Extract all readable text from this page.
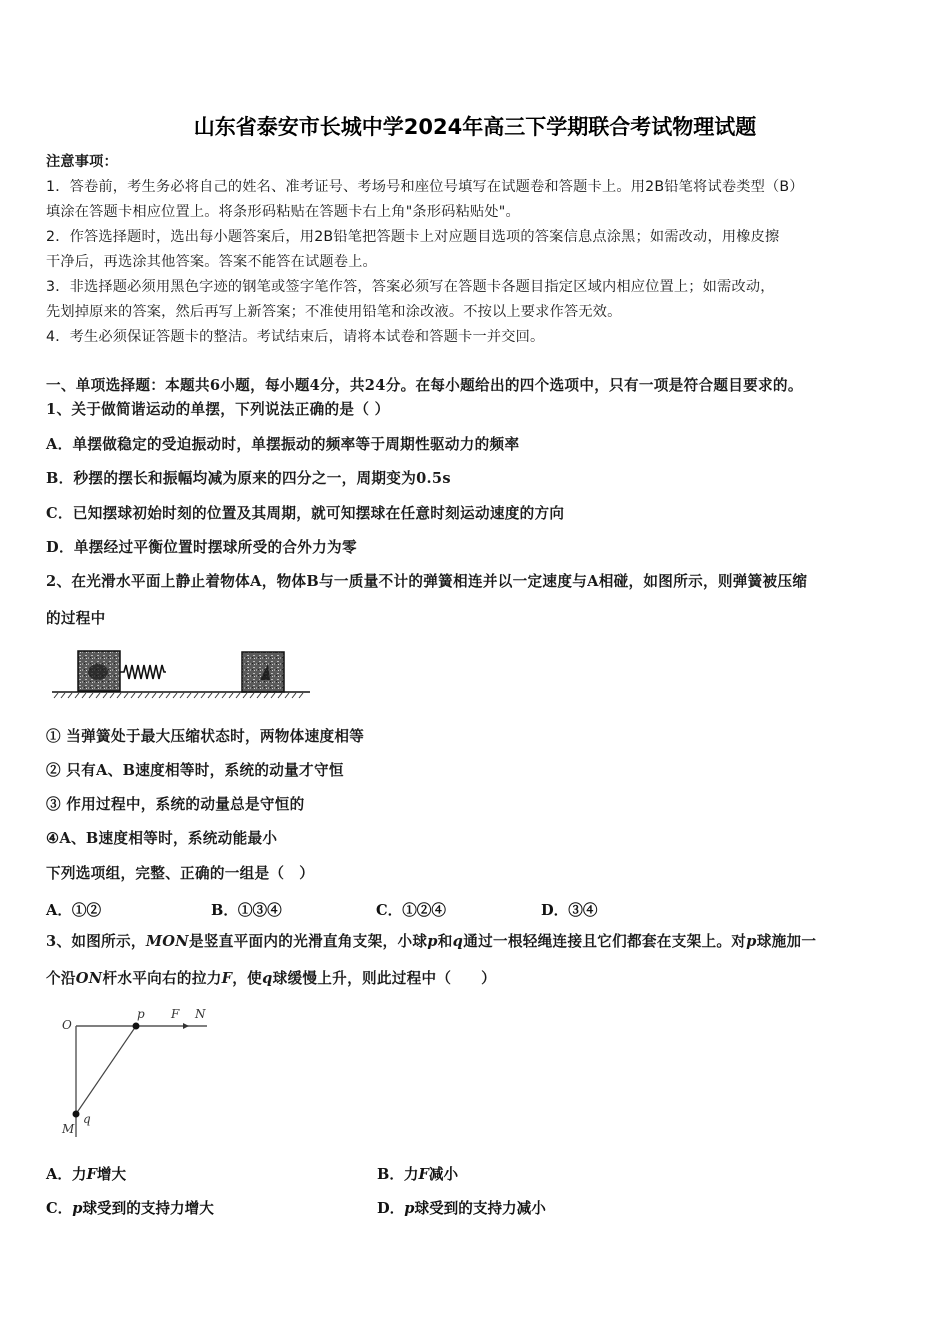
山东省泰安市长城中学2024年高三下学期联合考试物理试题
注意事项：
1．答卷前，考生务必将自己的姓名、准考证号、考场号和座位号填写在试题卷和答题卡上。用2B铅笔将试卷类型（B）
填涂在答题卡相应位置上。将条形码粘贴在答题卡右上角"条形码粘贴处"。
2．作答选择题时，选出每小题答案后，用2B铅笔把答题卡上对应题目选项的答案信息点涂黑；如需改动，用橡皮擦
干净后，再选涂其他答案。答案不能答在试题卷上。
3．非选择题必须用黑色字迹的钢笔或签字笔作答，答案必须写在答题卡各题目指定区域内相应位置上；如需改动，
先划掉原来的答案，然后再写上新答案；不准使用铅笔和涂改液。不按以上要求作答无效。
4．考生必须保证答题卡的整洁。考试结束后，请将本试卷和答题卡一并交回。
一、单项选择题：本题共6小题，每小题4分，共24分。在每小题给出的四个选项中，只有一项是符合题目要求的。
1、关于做简谐运动的单摆，下列说法正确的是（ ）
A．单摆做稳定的受迫振动时，单摆振动的频率等于周期性驱动力的频率
B．秒摆的摆长和振幅均减为原来的四分之一，周期变为0.5s
C．已知摆球初始时刻的位置及其周期，就可知摆球在任意时刻运动速度的方向
D．单摆经过平衡位置时摆球所受的合外力为零
2、在光滑水平面上静止着物体A，物体B与一质量不计的弹簧相连并以一定速度与A相碰，如图所示，则弹簧被压缩
的过程中
① 当弹簧处于最大压缩状态时，两物体速度相等
② 只有A、B速度相等时，系统的动量才守恒
③ 作用过程中，系统的动量总是守恒的
④A、B速度相等时，系统动能最小
下列选项组，完整、正确的一组是（　）
A．①②	B．①③④	C．①②④	D．③④
3、如图所示，MON是竖直平面内的光滑直角支架，小球p和q通过一根轻绳连接且它们都套在支架上。对p球施加一
个沿ON杆水平向右的拉力F，使q球缓慢上升，则此过程中（　　）
O
p F N
q
M
A．力F增大	B．力F减小
C．p球受到的支持力增大	D．p球受到的支持力减小
